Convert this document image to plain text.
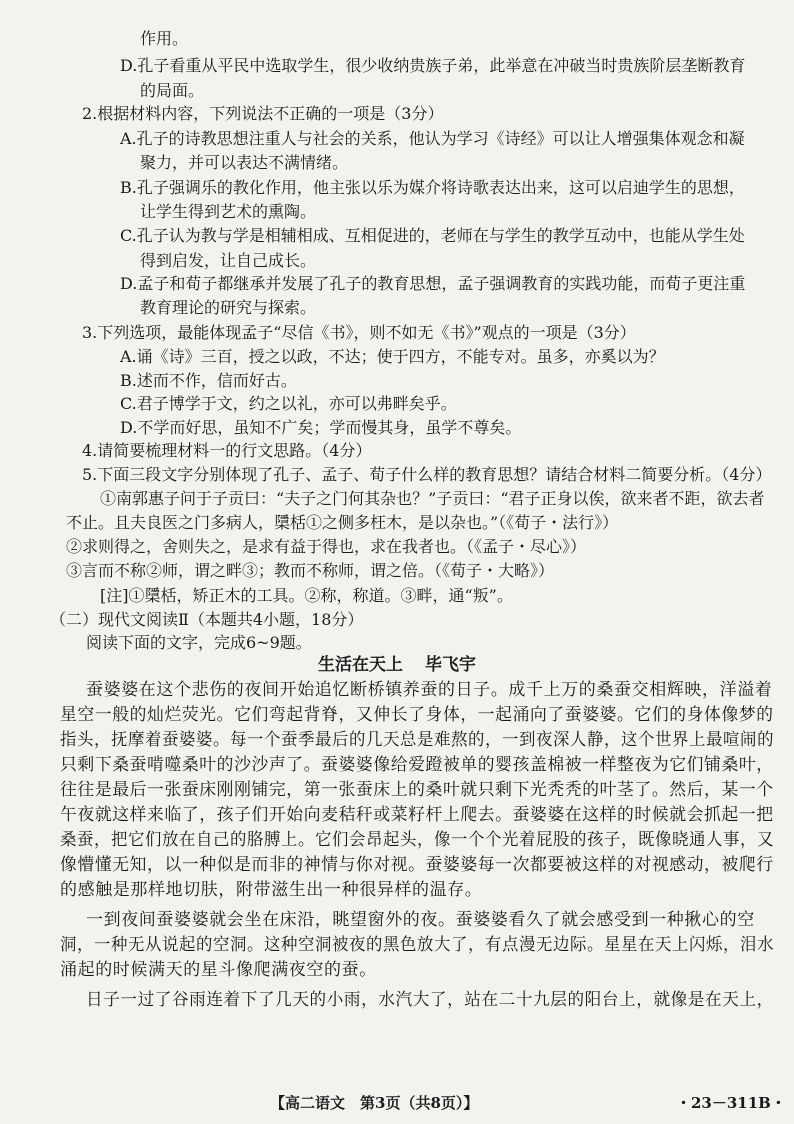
作用。
D.孔子看重从平民中选取学生，很少收纳贵族子弟，此举意在冲破当时贵族阶层垄断教育
的局面。
2.根据材料内容，下列说法不正确的一项是（3分）
A.孔子的诗教思想注重人与社会的关系，他认为学习《诗经》可以让人增强集体观念和凝
聚力，并可以表达不满情绪。
B.孔子强调乐的教化作用，他主张以乐为媒介将诗歌表达出来，这可以启迪学生的思想，
让学生得到艺术的熏陶。
C.孔子认为教与学是相辅相成、互相促进的，老师在与学生的教学互动中，也能从学生处
得到启发，让自己成长。
D.孟子和荀子都继承并发展了孔子的教育思想，孟子强调教育的实践功能，而荀子更注重
教育理论的研究与探索。
3.下列选项，最能体现孟子“尽信《书》，则不如无《书》”观点的一项是（3分）
A.诵《诗》三百，授之以政，不达；使于四方，不能专对。虽多，亦奚以为？
B.述而不作，信而好古。
C.君子博学于文，约之以礼，亦可以弗畔矣乎。
D.不学而好思，虽知不广矣；学而慢其身，虽学不尊矣。
4.请简要梳理材料一的行文思路。（4分）
5.下面三段文字分别体现了孔子、孟子、荀子什么样的教育思想？请结合材料二简要分析。（4分）
①南郭惠子问于子贡曰：“夫子之门何其杂也？”子贡曰：“君子正身以俟，欲来者不距，欲去者
不止。且夫良医之门多病人，檃栝①之侧多枉木，是以杂也。”（《荀子・法行》）
②求则得之，舍则失之，是求有益于得也，求在我者也。（《孟子・尽心》）
③言而不称②师，谓之畔③；教而不称师，谓之倍。（《荀子・大略》）
[注]①檃栝，矫正木的工具。②称，称道。③畔，通“叛”。
（二）现代文阅读Ⅱ（本题共4小题，18分）
阅读下面的文字，完成6~9题。
生活在天上 毕飞宇
蚕婆婆在这个悲伤的夜间开始追忆断桥镇养蚕的日子。成千上万的桑蚕交相辉映，洋溢着
星空一般的灿烂荧光。它们弯起背脊，又伸长了身体，一起涌向了蚕婆婆。它们的身体像梦的
指头，抚摩着蚕婆婆。每一个蚕季最后的几天总是难熬的，一到夜深人静，这个世界上最喧闹的
只剩下桑蚕啃噬桑叶的沙沙声了。蚕婆婆像给爱蹬被单的婴孩盖棉被一样整夜为它们铺桑叶，
往往是最后一张蚕床刚刚铺完，第一张蚕床上的桑叶就只剩下光秃秃的叶茎了。然后，某一个
午夜就这样来临了，孩子们开始向麦秸秆或菜籽杆上爬去。蚕婆婆在这样的时候就会抓起一把
桑蚕，把它们放在自己的胳膊上。它们会昂起头，像一个个光着屁股的孩子，既像晓通人事，又
像懵懂无知，以一种似是而非的神情与你对视。蚕婆婆每一次都要被这样的对视感动，被爬行
的感触是那样地切肤，附带滋生出一种很异样的温存。
一到夜间蚕婆婆就会坐在床沿，眺望窗外的夜。蚕婆婆看久了就会感受到一种揪心的空
洞，一种无从说起的空洞。这种空洞被夜的黑色放大了，有点漫无边际。星星在天上闪烁，泪水
涌起的时候满天的星斗像爬满夜空的蚕。
日子一过了谷雨连着下了几天的小雨，水汽大了，站在二十九层的阳台上，就像是在天上，
【高二语文　第3页（共8页）】	・23－311B・
